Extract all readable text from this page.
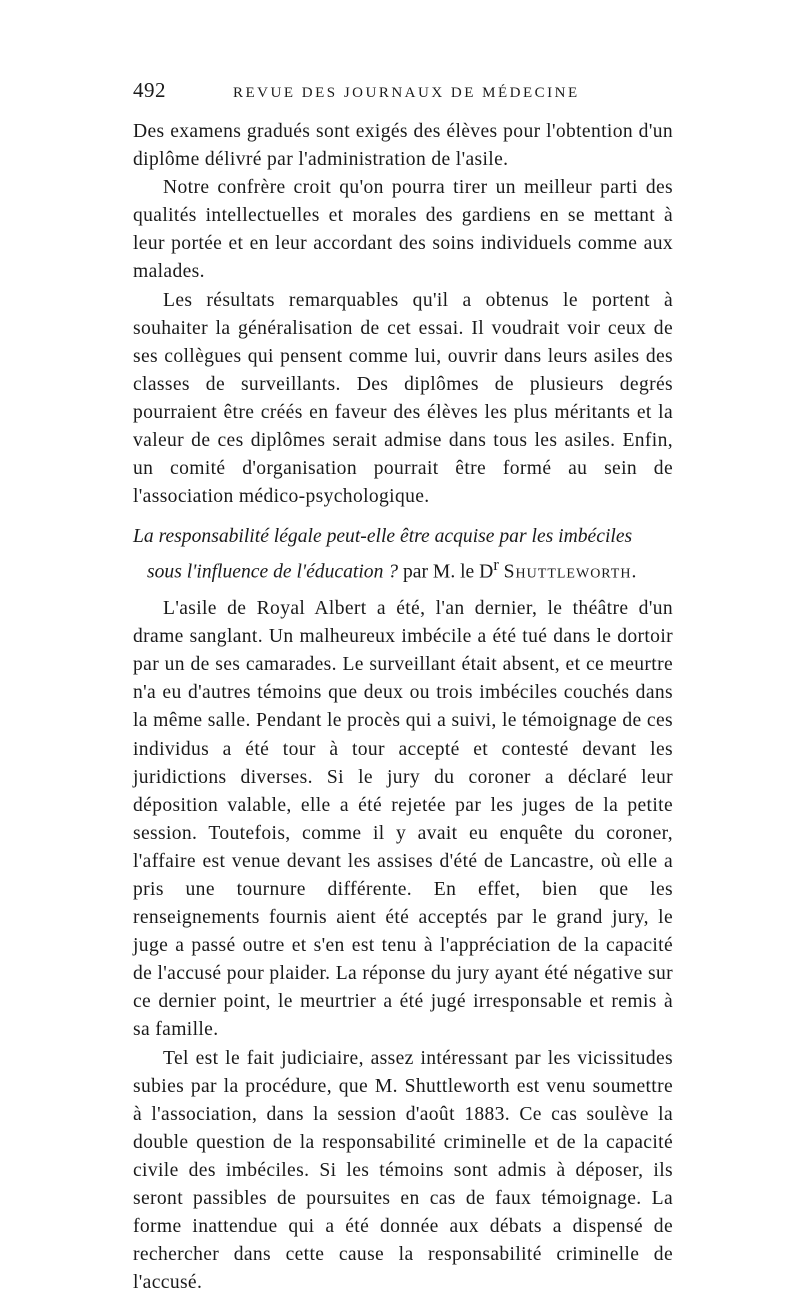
492	REVUE DES JOURNAUX DE MÉDECINE

Des examens gradués sont exigés des élèves pour l'obtention d'un diplôme délivré par l'administration de l'asile.

Notre confrère croit qu'on pourra tirer un meilleur parti des qualités intellectuelles et morales des gardiens en se mettant à leur portée et en leur accordant des soins individuels comme aux malades.

Les résultats remarquables qu'il a obtenus le portent à souhaiter la généralisation de cet essai. Il voudrait voir ceux de ses collègues qui pensent comme lui, ouvrir dans leurs asiles des classes de surveillants. Des diplômes de plusieurs degrés pourraient être créés en faveur des élèves les plus méritants et la valeur de ces diplômes serait admise dans tous les asiles. Enfin, un comité d'organisation pourrait être formé au sein de l'association médico-psychologique.

La responsabilité légale peut-elle être acquise par les imbéciles
sous l'influence de l'éducation ? par M. le $D^r$ Shuttleworth.

L'asile de Royal Albert a été, l'an dernier, le théâtre d'un drame sanglant. Un malheureux imbécile a été tué dans le dortoir par un de ses camarades. Le surveillant était absent, et ce meurtre n'a eu d'autres témoins que deux ou trois imbéciles couchés dans la même salle. Pendant le procès qui a suivi, le témoignage de ces individus a été tour à tour accepté et contesté devant les juridictions diverses. Si le jury du coroner a déclaré leur déposition valable, elle a été rejetée par les juges de la petite session. Toutefois, comme il y avait eu enquête du coroner, l'affaire est venue devant les assises d'été de Lancastre, où elle a pris une tournure différente. En effet, bien que les renseignements fournis aient été acceptés par le grand jury, le juge a passé outre et s'en est tenu à l'appréciation de la capacité de l'accusé pour plaider. La réponse du jury ayant été négative sur ce dernier point, le meurtrier a été jugé irresponsable et remis à sa famille.

Tel est le fait judiciaire, assez intéressant par les vicissitudes subies par la procédure, que M. Shuttleworth est venu soumettre à l'association, dans la session d'août 1883. Ce cas soulève la double question de la responsabilité criminelle et de la capacité civile des imbéciles. Si les témoins sont admis à déposer, ils seront passibles de poursuites en cas de faux témoignage. La forme inattendue qui a été donnée aux débats a dispensé de rechercher dans cette cause la responsabilité criminelle de l'accusé.
